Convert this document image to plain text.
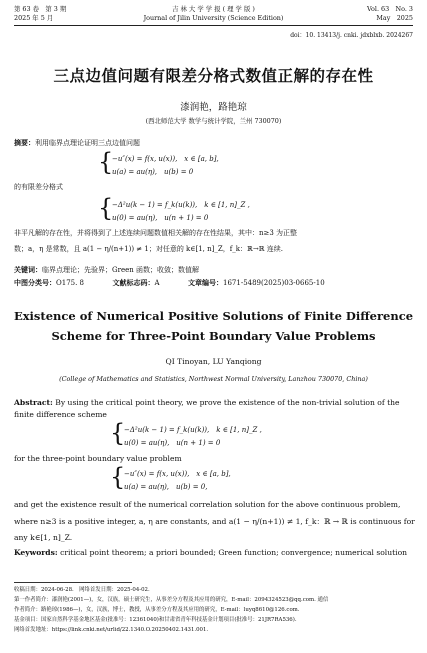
第 63 卷　第 3 期
2025 年 5 月
吉 林 大 学 学 报 ( 理 学 版 )
Journal of Jilin University (Science Edition)
Vol. 63　No. 3
May　2025
doi：10. 13413/j. cnki. jdxblxb. 2024267
三点边值问题有限差分格式数值正解的存在性
漆润艳，路艳琼
(西北师范大学 数学与统计学院，兰州 730070)
摘要：利用临界点理论证明三点边值问题
{
−u″(x) = f(x, u(x)),　x ∈ [a, b],
u(a) = au(η),　u(b) = 0
的有限差分格式
{
−Δ²u(k − 1) = f_k(u(k)),　k ∈ [1, n]_Z ,
u(0) = au(η),　u(n + 1) = 0
非平凡解的存在性，并将得到了上述连续问题数值相关解的存在性结果，其中：n≥3 为正整
数；a，η 是常数，且 a(1 − η/(n+1)) ≠ 1；对任意的 k∈[1, n]_Z，f_k：ℝ→ℝ 连续.
关键词：临界点理论；先验界；Green 函数；收敛；数值解
中图分类号：O175. 8	文献标志码：A	文章编号：1671-5489(2025)03-0665-10
Existence of Numerical Positive Solutions of Finite Difference
Scheme for Three-Point Boundary Value Problems
QI Tinoyan, LU Yanqiong
(College of Mathematics and Statistics, Northwest Normal University, Lanzhou 730070, China)
Abstract: By using the critical point theory, we prove the existence of the non-trivial solution of the
finite difference scheme
{
−Δ²u(k − 1) = f_k(u(k)),　k ∈ [1, n]_Z ,
u(0) = au(η),　u(n + 1) = 0
for the three-point boundary value problem
{
−u″(x) = f(x, u(x)),　x ∈ [a, b],
u(a) = au(η),　u(b) = 0,
and get the existence result of the numerical correlation solution for the above continuous problem,
where n≥3 is a positive integer, a, η are constants, and a(1 − η/(n+1)) ≠ 1, f_k：ℝ → ℝ is continuous for
any k∈[1, n]_Z.
Keywords: critical point theorem; a priori bounded; Green function; convergence; numerical solution
收稿日期：2024-06-28.　网络首发日期：2025-04-02.
第一作者简介：漆润艳(2001—)，女，汉族，硕士研究生，从事差分方程及其应用的研究，E-mail：2094324523@qq.com. 通信
作者简介：路艳琼(1986—)，女，汉族，博士，教授，从事差分方程及其应用的研究，E-mail：luyq8610@126.com.
基金项目：国家自然科学基金地区基金(批准号：12361040)和甘肃省青年科技基金计划项目(批准号：21JR7RA536).
网络首发地址：https://link.cnki.net/urlid/22.1340.O.20250402.1431.001.
